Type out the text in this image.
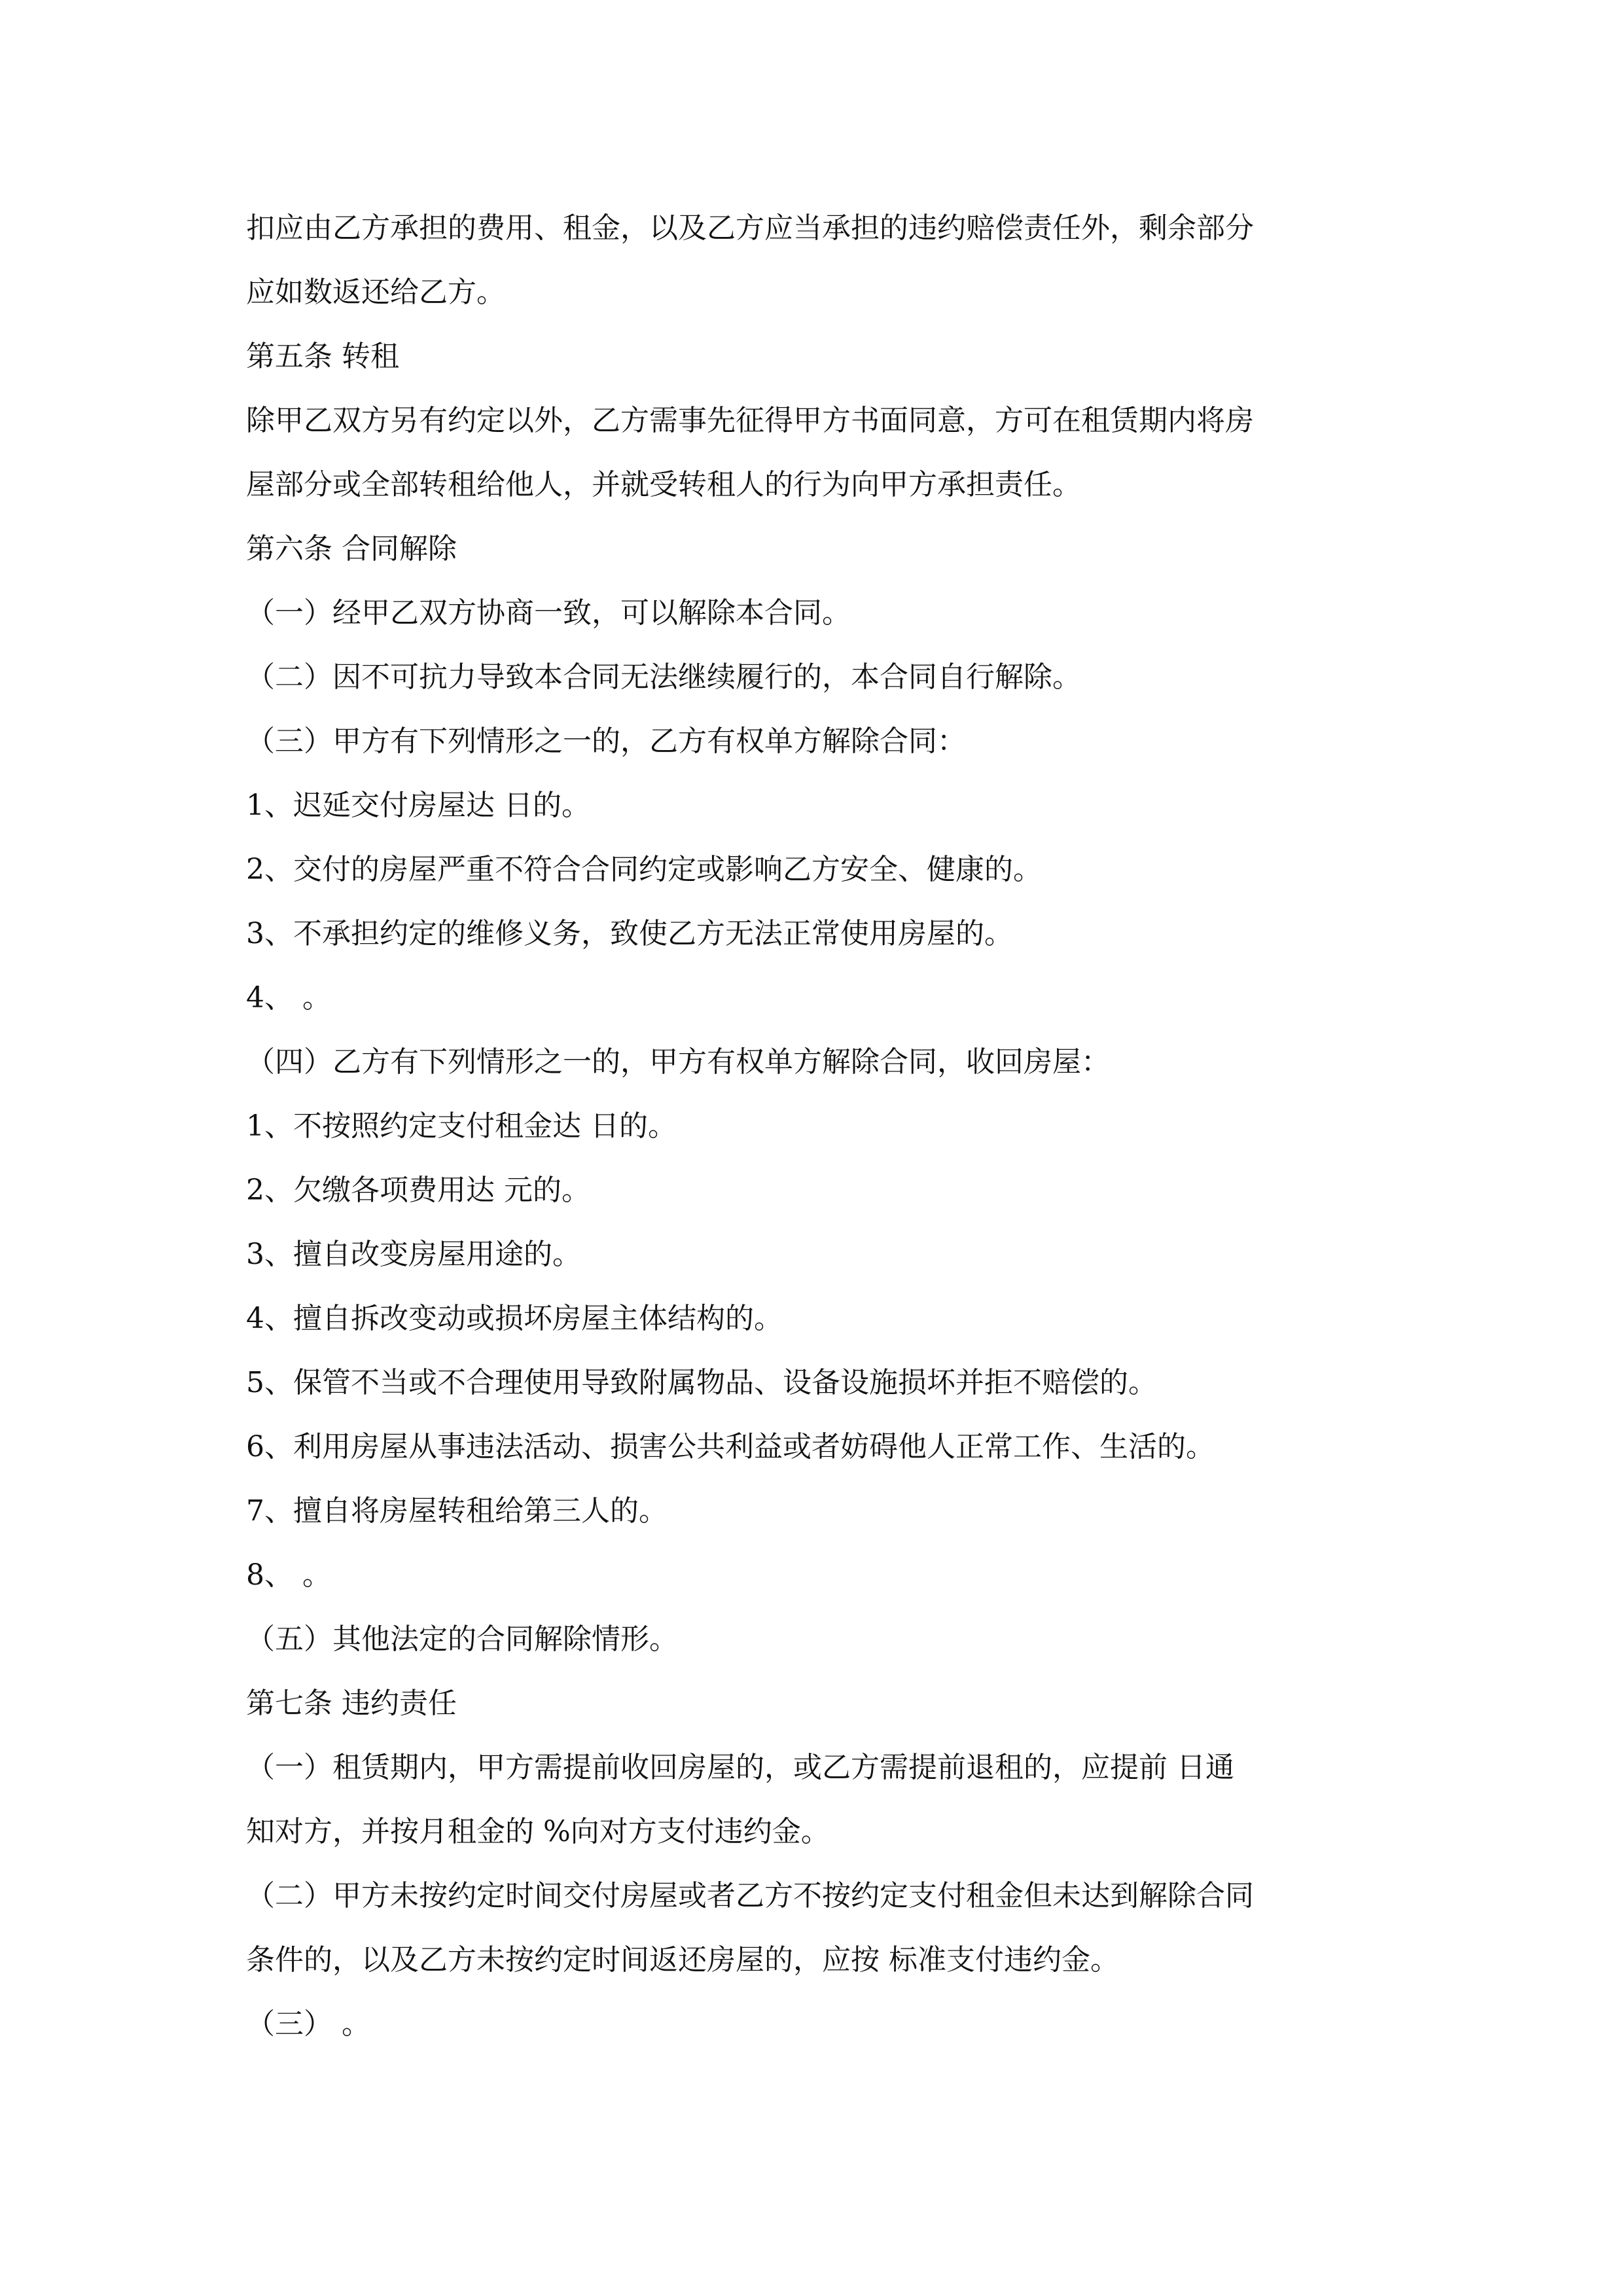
扣应由乙方承担的费用、租金，以及乙方应当承担的违约赔偿责任外，剩余部分
应如数返还给乙方。
第五条 转租
除甲乙双方另有约定以外，乙方需事先征得甲方书面同意，方可在租赁期内将房
屋部分或全部转租给他人，并就受转租人的行为向甲方承担责任。
第六条 合同解除
（一）经甲乙双方协商一致，可以解除本合同。
（二）因不可抗力导致本合同无法继续履行的，本合同自行解除。
（三）甲方有下列情形之一的，乙方有权单方解除合同：
1、迟延交付房屋达 日的。
2、交付的房屋严重不符合合同约定或影响乙方安全、健康的。
3、不承担约定的维修义务，致使乙方无法正常使用房屋的。
4、 。
（四）乙方有下列情形之一的，甲方有权单方解除合同，收回房屋：
1、不按照约定支付租金达 日的。
2、欠缴各项费用达 元的。
3、擅自改变房屋用途的。
4、擅自拆改变动或损坏房屋主体结构的。
5、保管不当或不合理使用导致附属物品、设备设施损坏并拒不赔偿的。
6、利用房屋从事违法活动、损害公共利益或者妨碍他人正常工作、生活的。
7、擅自将房屋转租给第三人的。
8、 。
（五）其他法定的合同解除情形。
第七条 违约责任
（一）租赁期内，甲方需提前收回房屋的，或乙方需提前退租的，应提前 日通
知对方，并按月租金的 %向对方支付违约金。
（二）甲方未按约定时间交付房屋或者乙方不按约定支付租金但未达到解除合同
条件的，以及乙方未按约定时间返还房屋的，应按 标准支付违约金。
（三） 。
